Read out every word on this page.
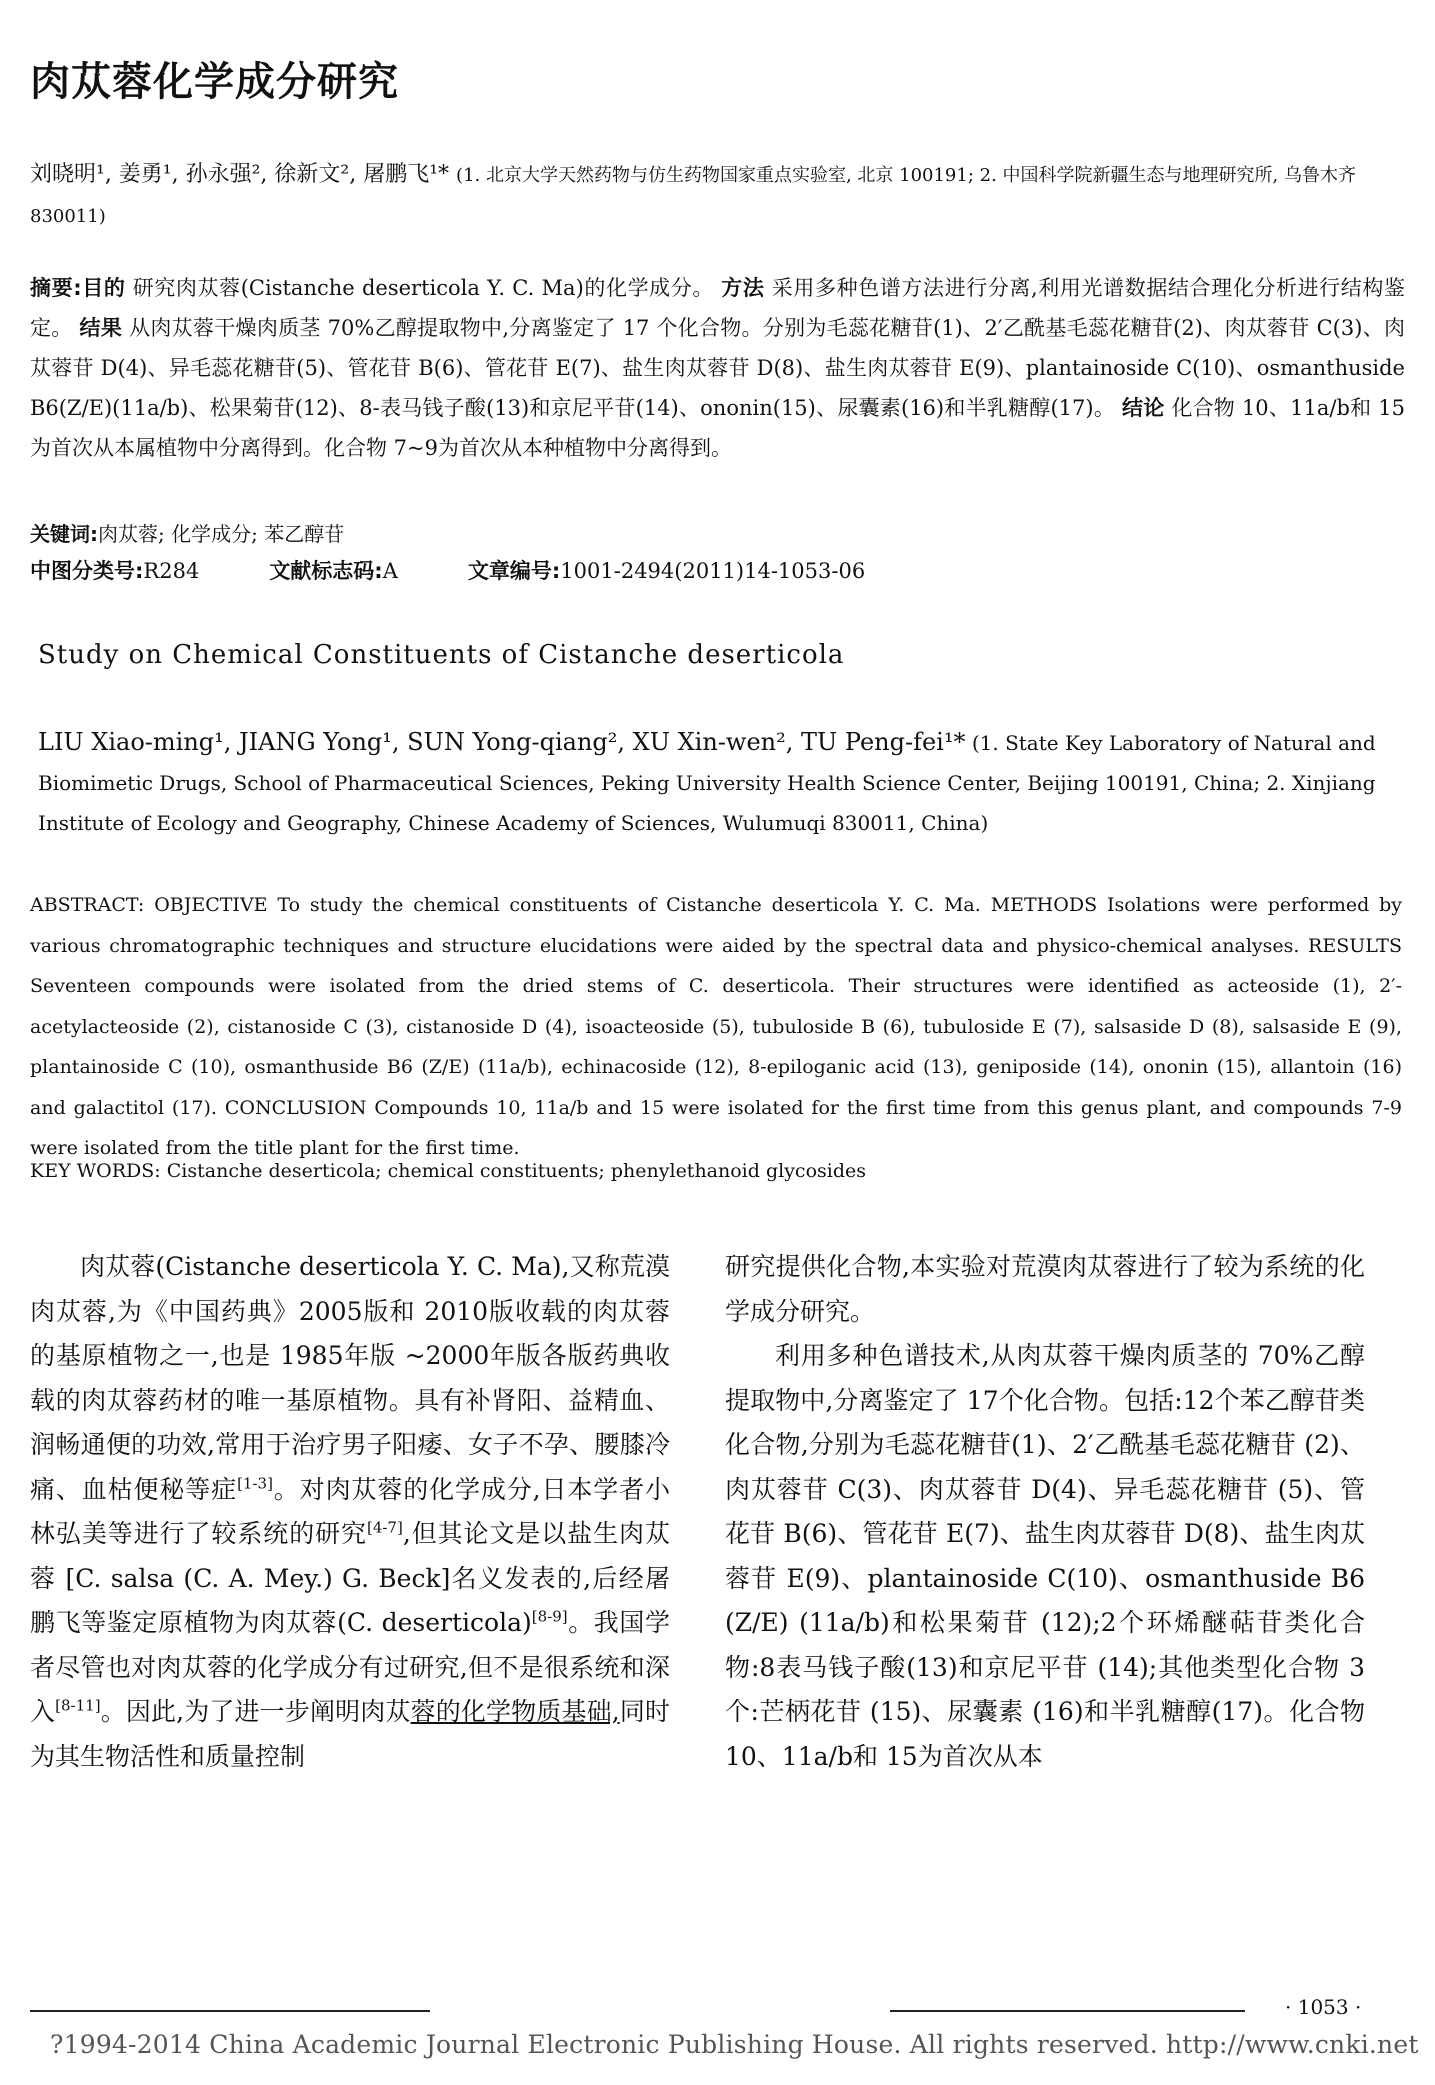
肉苁蓉化学成分研究
刘晓明¹, 姜勇¹, 孙永强², 徐新文², 屠鹏飞¹* (1. 北京大学天然药物与仿生药物国家重点实验室, 北京 100191; 2. 中国科学院新疆生态与地理研究所, 乌鲁木齐 830011)
摘要:目的 研究肉苁蓉(Cistanche deserticola Y. C. Ma)的化学成分。 方法 采用多种色谱方法进行分离,利用光谱数据结合理化分析进行结构鉴定。 结果 从肉苁蓉干燥肉质茎 70%乙醇提取物中,分离鉴定了 17 个化合物。分别为毛蕊花糖苷(1)、2′乙酰基毛蕊花糖苷(2)、肉苁蓉苷 C(3)、肉苁蓉苷 D(4)、异毛蕊花糖苷(5)、管花苷 B(6)、管花苷 E(7)、盐生肉苁蓉苷 D(8)、盐生肉苁蓉苷 E(9)、plantainoside C(10)、osmanthuside B6(Z/E)(11a/b)、松果菊苷(12)、8-表马钱子酸(13)和京尼平苷(14)、ononin(15)、尿囊素(16)和半乳糖醇(17)。 结论 化合物 10、11a/b和 15为首次从本属植物中分离得到。化合物 7~9为首次从本种植物中分离得到。
关键词:肉苁蓉; 化学成分; 苯乙醇苷
中图分类号:R284	文献标志码:A	文章编号:1001-2494(2011)14-1053-06
Study on Chemical Constituents of Cistanche deserticola
LIU Xiao-ming¹, JIANG Yong¹, SUN Yong-qiang², XU Xin-wen², TU Peng-fei¹* (1. State Key Laboratory of Natural and Biomimetic Drugs, School of Pharmaceutical Sciences, Peking University Health Science Center, Beijing 100191, China; 2. Xinjiang Institute of Ecology and Geography, Chinese Academy of Sciences, Wulumuqi 830011, China)
ABSTRACT: OBJECTIVE To study the chemical constituents of Cistanche deserticola Y. C. Ma. METHODS Isolations were performed by various chromatographic techniques and structure elucidations were aided by the spectral data and physico-chemical analyses. RESULTS Seventeen compounds were isolated from the dried stems of C. deserticola. Their structures were identified as acteoside (1), 2′-acetylacteoside (2), cistanoside C (3), cistanoside D (4), isoacteoside (5), tubuloside B (6), tubuloside E (7), salsaside D (8), salsaside E (9), plantainoside C (10), osmanthuside B6 (Z/E) (11a/b), echinacoside (12), 8-epiloganic acid (13), geniposide (14), ononin (15), allantoin (16) and galactitol (17). CONCLUSION Compounds 10, 11a/b and 15 were isolated for the first time from this genus plant, and compounds 7-9 were isolated from the title plant for the first time.
KEY WORDS: Cistanche deserticola; chemical constituents; phenylethanoid glycosides

肉苁蓉(Cistanche deserticola Y. C. Ma),又称荒漠肉苁蓉,为《中国药典》2005版和 2010版收载的肉苁蓉的基原植物之一,也是 1985年版 ~2000年版各版药典收载的肉苁蓉药材的唯一基原植物。具有补肾阳、益精血、润畅通便的功效,常用于治疗男子阳痿、女子不孕、腰膝冷痛、血枯便秘等症[1-3]。对肉苁蓉的化学成分,日本学者小林弘美等进行了较系统的研究[4-7],但其论文是以盐生肉苁蓉 [C. salsa (C. A. Mey.) G. Beck]名义发表的,后经屠鹏飞等鉴定原植物为肉苁蓉(C. deserticola)[8-9]。我国学者尽管也对肉苁蓉的化学成分有过研究,但不是很系统和深入[8-11]。因此,为了进一步阐明肉苁蓉的化学物质基础,同时为其生物活性和质量控制

研究提供化合物,本实验对荒漠肉苁蓉进行了较为系统的化学成分研究。

利用多种色谱技术,从肉苁蓉干燥肉质茎的 70%乙醇提取物中,分离鉴定了 17个化合物。包括:12个苯乙醇苷类化合物,分别为毛蕊花糖苷(1)、2′乙酰基毛蕊花糖苷 (2)、肉苁蓉苷 C(3)、肉苁蓉苷 D(4)、异毛蕊花糖苷 (5)、管花苷 B(6)、管花苷 E(7)、盐生肉苁蓉苷 D(8)、盐生肉苁蓉苷 E(9)、plantainoside C(10)、osmanthuside B6 (Z/E) (11a/b)和松果菊苷 (12);2个环烯醚萜苷类化合物:8表马钱子酸(13)和京尼平苷 (14);其他类型化合物 3个:芒柄花苷 (15)、尿囊素 (16)和半乳糖醇(17)。化合物 10、11a/b和 15为首次从本

· 1053 ·
?1994-2014 China Academic Journal Electronic Publishing House. All rights reserved. http://www.cnki.net
